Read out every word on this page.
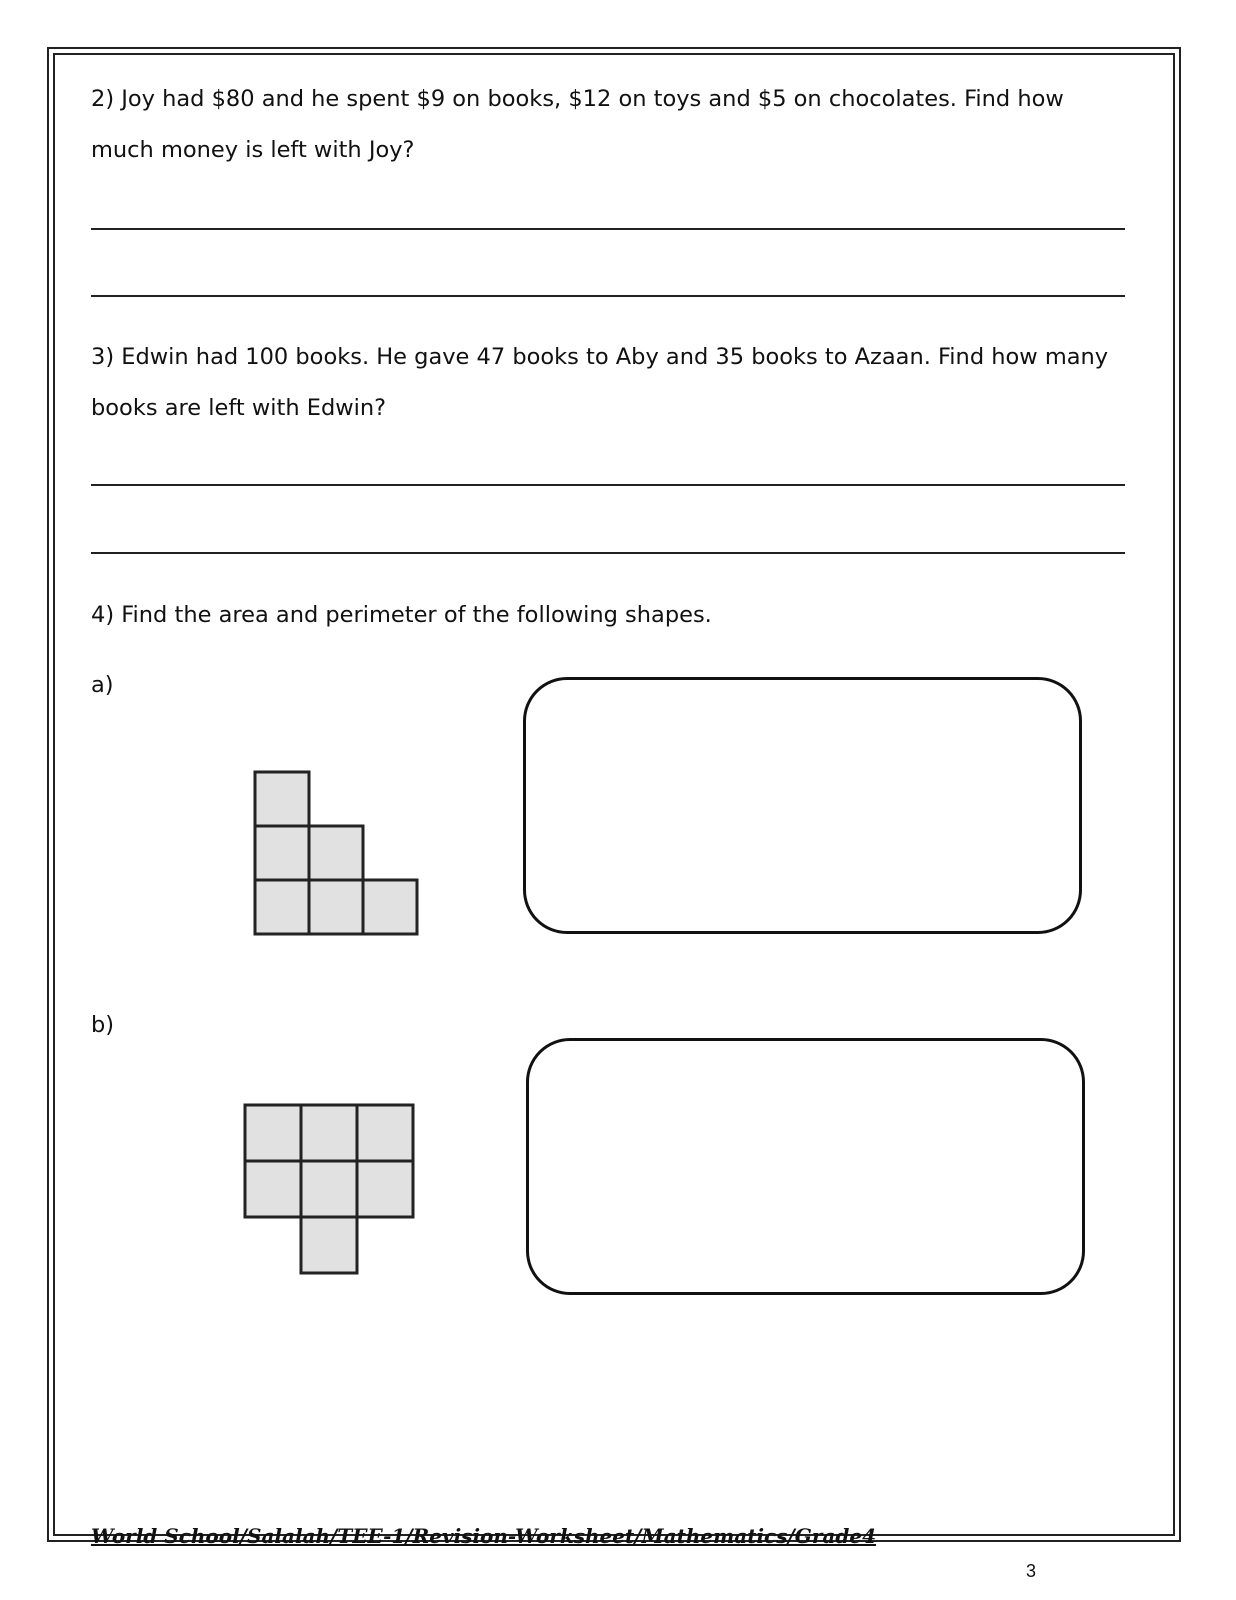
2) Joy had $80 and he spent $9 on books, $12 on toys and $5 on chocolates. Find how much money is left with Joy?
3) Edwin had 100 books. He gave 47 books to Aby and 35 books to Azaan. Find how many books are left with Edwin?
4) Find the area and perimeter of the following shapes.
a)
b)
World School/Salalah/TEE-1/Revision-Worksheet/Mathematics/Grade4
3
